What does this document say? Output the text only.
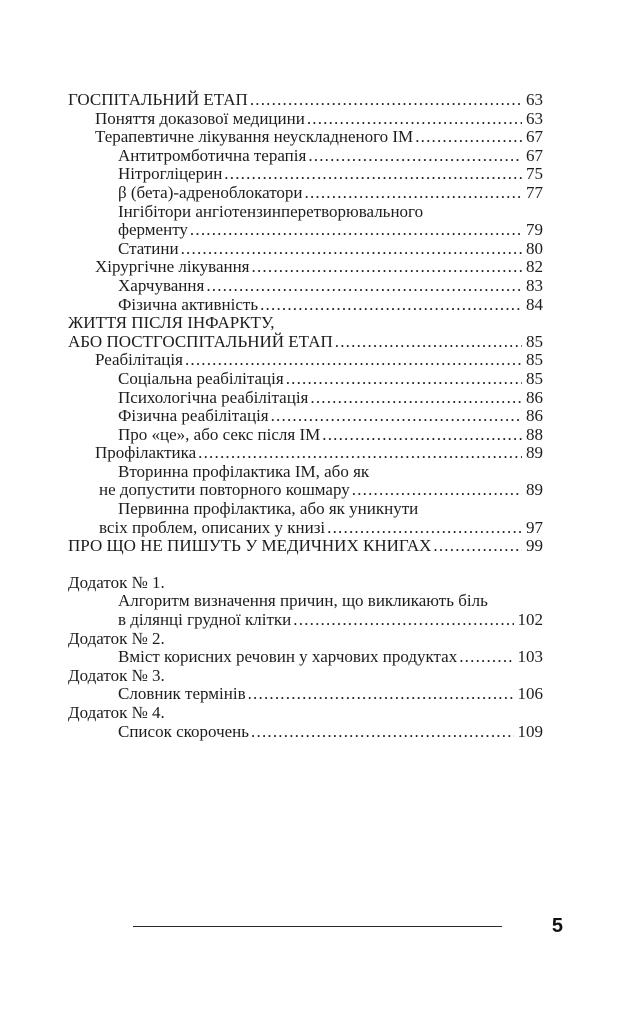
ГОСПІТАЛЬНИЙ ЕТАП .....	63
Поняття доказової медицини .....	63
Терапевтичне лікування неускладненого ІМ .....	67
Антитромботична терапія .....	67
Нітрогліцерин .....	75
β (бета)-адреноблокатори .....	77
Інгібітори ангіотензинперетворювального
ферменту .....	79
Статини .....	80
Хірургічне лікування .....	82
Харчування .....	83
Фізична активність .....	84
ЖИТТЯ ПІСЛЯ ІНФАРКТУ,
АБО ПОСТГОСПІТАЛЬНИЙ ЕТАП .....	85
Реабілітація .....	85
Соціальна реабілітація .....	85
Психологічна реабілітація .....	86
Фізична реабілітація .....	86
Про «це», або секс після ІМ .....	88
Профілактика .....	89
Вторинна профілактика ІМ, або як
не допустити повторного кошмару .....	89
Первинна профілактика, або як уникнути
всіх проблем, описаних у книзі .....	97
ПРО ЩО НЕ ПИШУТЬ У МЕДИЧНИХ КНИГАХ .....	99
Додаток № 1.
Алгоритм визначення причин, що викликають біль
в ділянці грудної клітки .....	102
Додаток № 2.
Вміст корисних речовин у харчових продуктах .....	103
Додаток № 3.
Словник термінів .....	106
Додаток № 4.
Список скорочень .....	109
5
